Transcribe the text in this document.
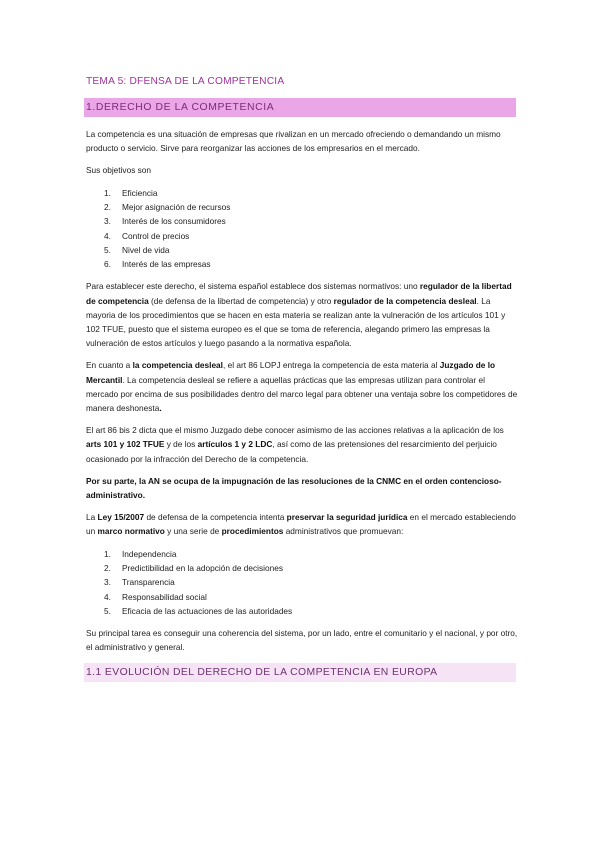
TEMA 5: DFENSA DE LA COMPETENCIA
1.DERECHO DE LA COMPETENCIA

La competencia es una situación de empresas que rivalizan en un mercado ofreciendo o demandando un mismo producto o servicio. Sirve para reorganizar las acciones de los empresarios en el mercado.

Sus objetivos son

1.	Eficiencia
2.	Mejor asignación de recursos
3.	Interés de los consumidores
4.	Control de precios
5.	Nivel de vida
6.	Interés de las empresas

Para establecer este derecho, el sistema español establece dos sistemas normativos: uno regulador de la libertad de competencia (de defensa de la libertad de competencia) y otro regulador de la competencia desleal. La mayoria de los procedimientos que se hacen en esta materia se realizan ante la vulneración de los artículos 101 y 102 TFUE, puesto que el sistema europeo es el que se toma de referencia, alegando primero las empresas la vulneración de estos artículos y luego pasando a la normativa española.

En cuanto a la competencia desleal, el art 86 LOPJ entrega la competencia de esta materia al Juzgado de lo Mercantil. La competencia desleal se refiere a aquellas prácticas que las empresas utilizan para controlar el mercado por encima de sus posibilidades dentro del marco legal para obtener una ventaja sobre los competidores de manera deshonesta.

El art 86 bis 2 dicta que el mismo Juzgado debe conocer asimismo de las acciones relativas a la aplicación de los arts 101 y 102 TFUE y de los artículos 1 y 2 LDC, así como de las pretensiones del resarcimiento del perjuicio ocasionado por la infracción del Derecho de la competencia.

Por su parte, la AN se ocupa de la impugnación de las resoluciones de la CNMC en el orden contencioso-administrativo.

La Ley 15/2007 de defensa de la competencia intenta preservar la seguridad jurídica en el mercado estableciendo un marco normativo y una serie de procedimientos administrativos que promuevan:

1.	Independencia
2.	Predictibilidad en la adopción de decisiones
3.	Transparencia
4.	Responsabilidad social
5.	Eficacia de las actuaciones de las autoridades

Su principal tarea es conseguir una coherencia del sistema, por un lado, entre el comunitario y el nacional, y por otro, el administrativo y general.

1.1 EVOLUCIÓN DEL DERECHO DE LA COMPETENCIA EN EUROPA
